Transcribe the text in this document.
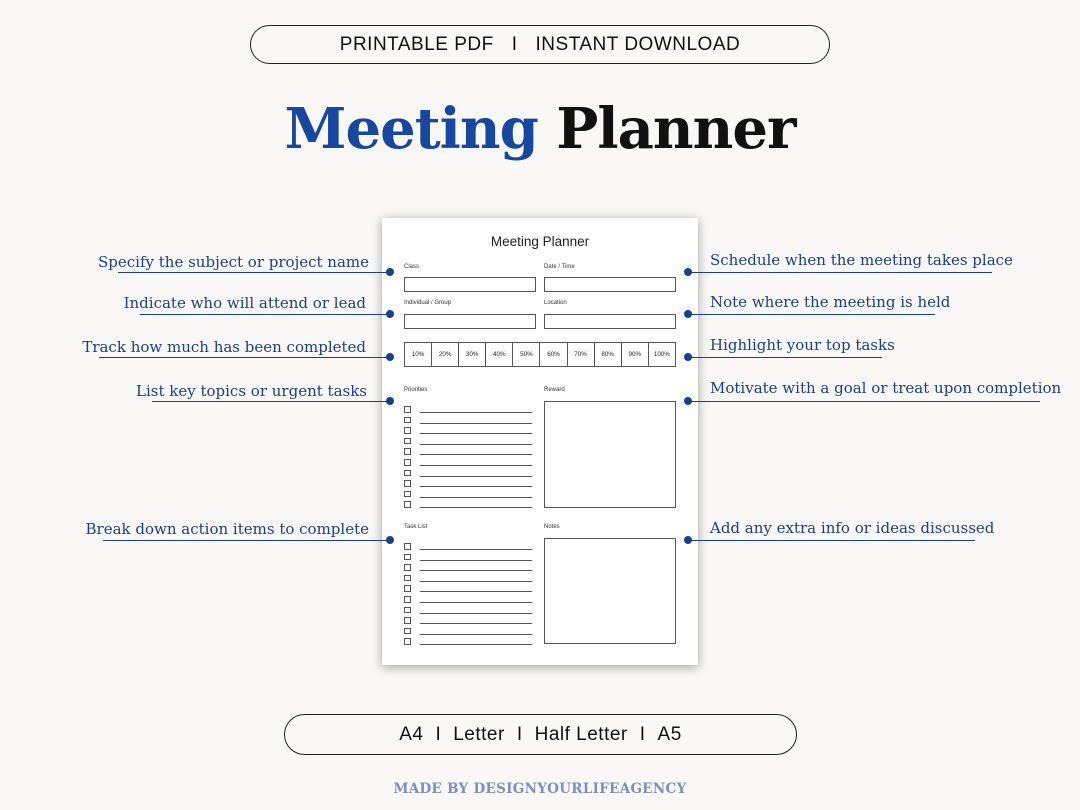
PRINTABLE PDF I INSTANT DOWNLOAD
Meeting Planner
Meeting Planner
Class	Date / Time
Individual / Group	Location
10%	20%	30%	40%	50%	60%	70%	80%	90%	100%
Priorities	Reward
Task List	Notes
Specify the subject or project name
Indicate who will attend or lead
Track how much has been completed
List key topics or urgent tasks
Break down action items to complete
Schedule when the meeting takes place
Note where the meeting is held
Highlight your top tasks
Motivate with a goal or treat upon completion
Add any extra info or ideas discussed
A4 I Letter I Half Letter I A5
MADE BY DESIGNYOURLIFEAGENCY
